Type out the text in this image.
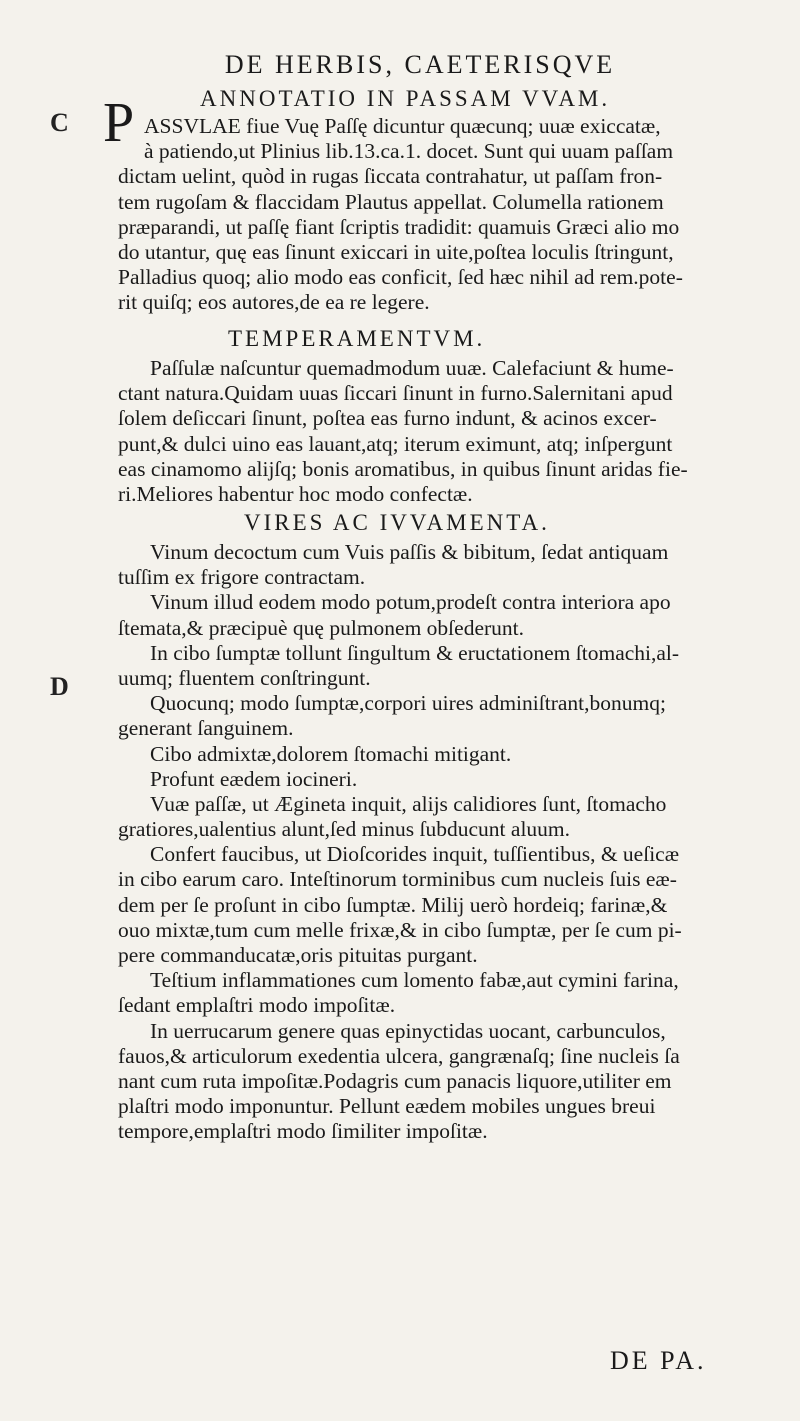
C
D
DE HERBIS, CAETERISQVE
ANNOTATIO IN PASSAM VVAM.
P ASSVLAE fiue Vuę Paſſę dicuntur quæcunq; uuæ exiccatæ,
à patiendo,ut Plinius lib.13.ca.1. docet. Sunt qui uuam paſſam
dictam uelint, quòd in rugas ſiccata contrahatur, ut paſſam fron-
tem rugoſam & flaccidam Plautus appellat. Columella rationem
præparandi, ut paſſę fiant ſcriptis tradidit: quamuis Græci alio mo
do utantur, quę eas ſinunt exiccari in uite,poſtea loculis ſtringunt,
Palladius quoq; alio modo eas conficit, ſed hæc nihil ad rem.pote-
rit quiſq; eos autores,de ea re legere.
TEMPERAMENTVM.
Paſſulæ naſcuntur quemadmodum uuæ. Calefaciunt & hume-
ctant natura.Quidam uuas ſiccari ſinunt in furno.Salernitani apud
ſolem deſiccari ſinunt, poſtea eas furno indunt, & acinos excer-
punt,& dulci uino eas lauant,atq; iterum eximunt, atq; inſpergunt
eas cinamomo alijſq; bonis aromatibus, in quibus ſinunt aridas fie-
ri.Meliores habentur hoc modo confectæ.
VIRES AC IVVAMENTA.
Vinum decoctum cum Vuis paſſis & bibitum, ſedat antiquam
tuſſim ex frigore contractam.
Vinum illud eodem modo potum,prodeſt contra interiora apo
ſtemata,& præcipuè quę pulmonem obſederunt.
In cibo ſumptæ tollunt ſingultum & eructationem ſtomachi,al-
uumq; fluentem conſtringunt.
Quocunq; modo ſumptæ,corpori uires adminiſtrant,bonumq;
generant ſanguinem.
Cibo admixtæ,dolorem ſtomachi mitigant.
Profunt eædem iocineri.
Vuæ paſſæ, ut Ægineta inquit, alijs calidiores ſunt, ſtomacho
gratiores,ualentius alunt,ſed minus ſubducunt aluum.
Confert faucibus, ut Dioſcorides inquit, tuſſientibus, & ueſicæ
in cibo earum caro. Inteſtinorum torminibus cum nucleis ſuis eæ-
dem per ſe proſunt in cibo ſumptæ. Milij uerò hordeiq; farinæ,&
ouo mixtæ,tum cum melle frixæ,& in cibo ſumptæ, per ſe cum pi-
pere commanducatæ,oris pituitas purgant.
Teſtium inflammationes cum lomento fabæ,aut cymini farina,
ſedant emplaſtri modo impoſitæ.
In uerrucarum genere quas epinyctidas uocant, carbunculos,
fauos,& articulorum exedentia ulcera, gangrænaſq; ſine nucleis ſa
nant cum ruta impoſitæ.Podagris cum panacis liquore,utiliter em
plaſtri modo imponuntur. Pellunt eædem mobiles ungues breui
tempore,emplaſtri modo ſimiliter impoſitæ.
DE PA.
